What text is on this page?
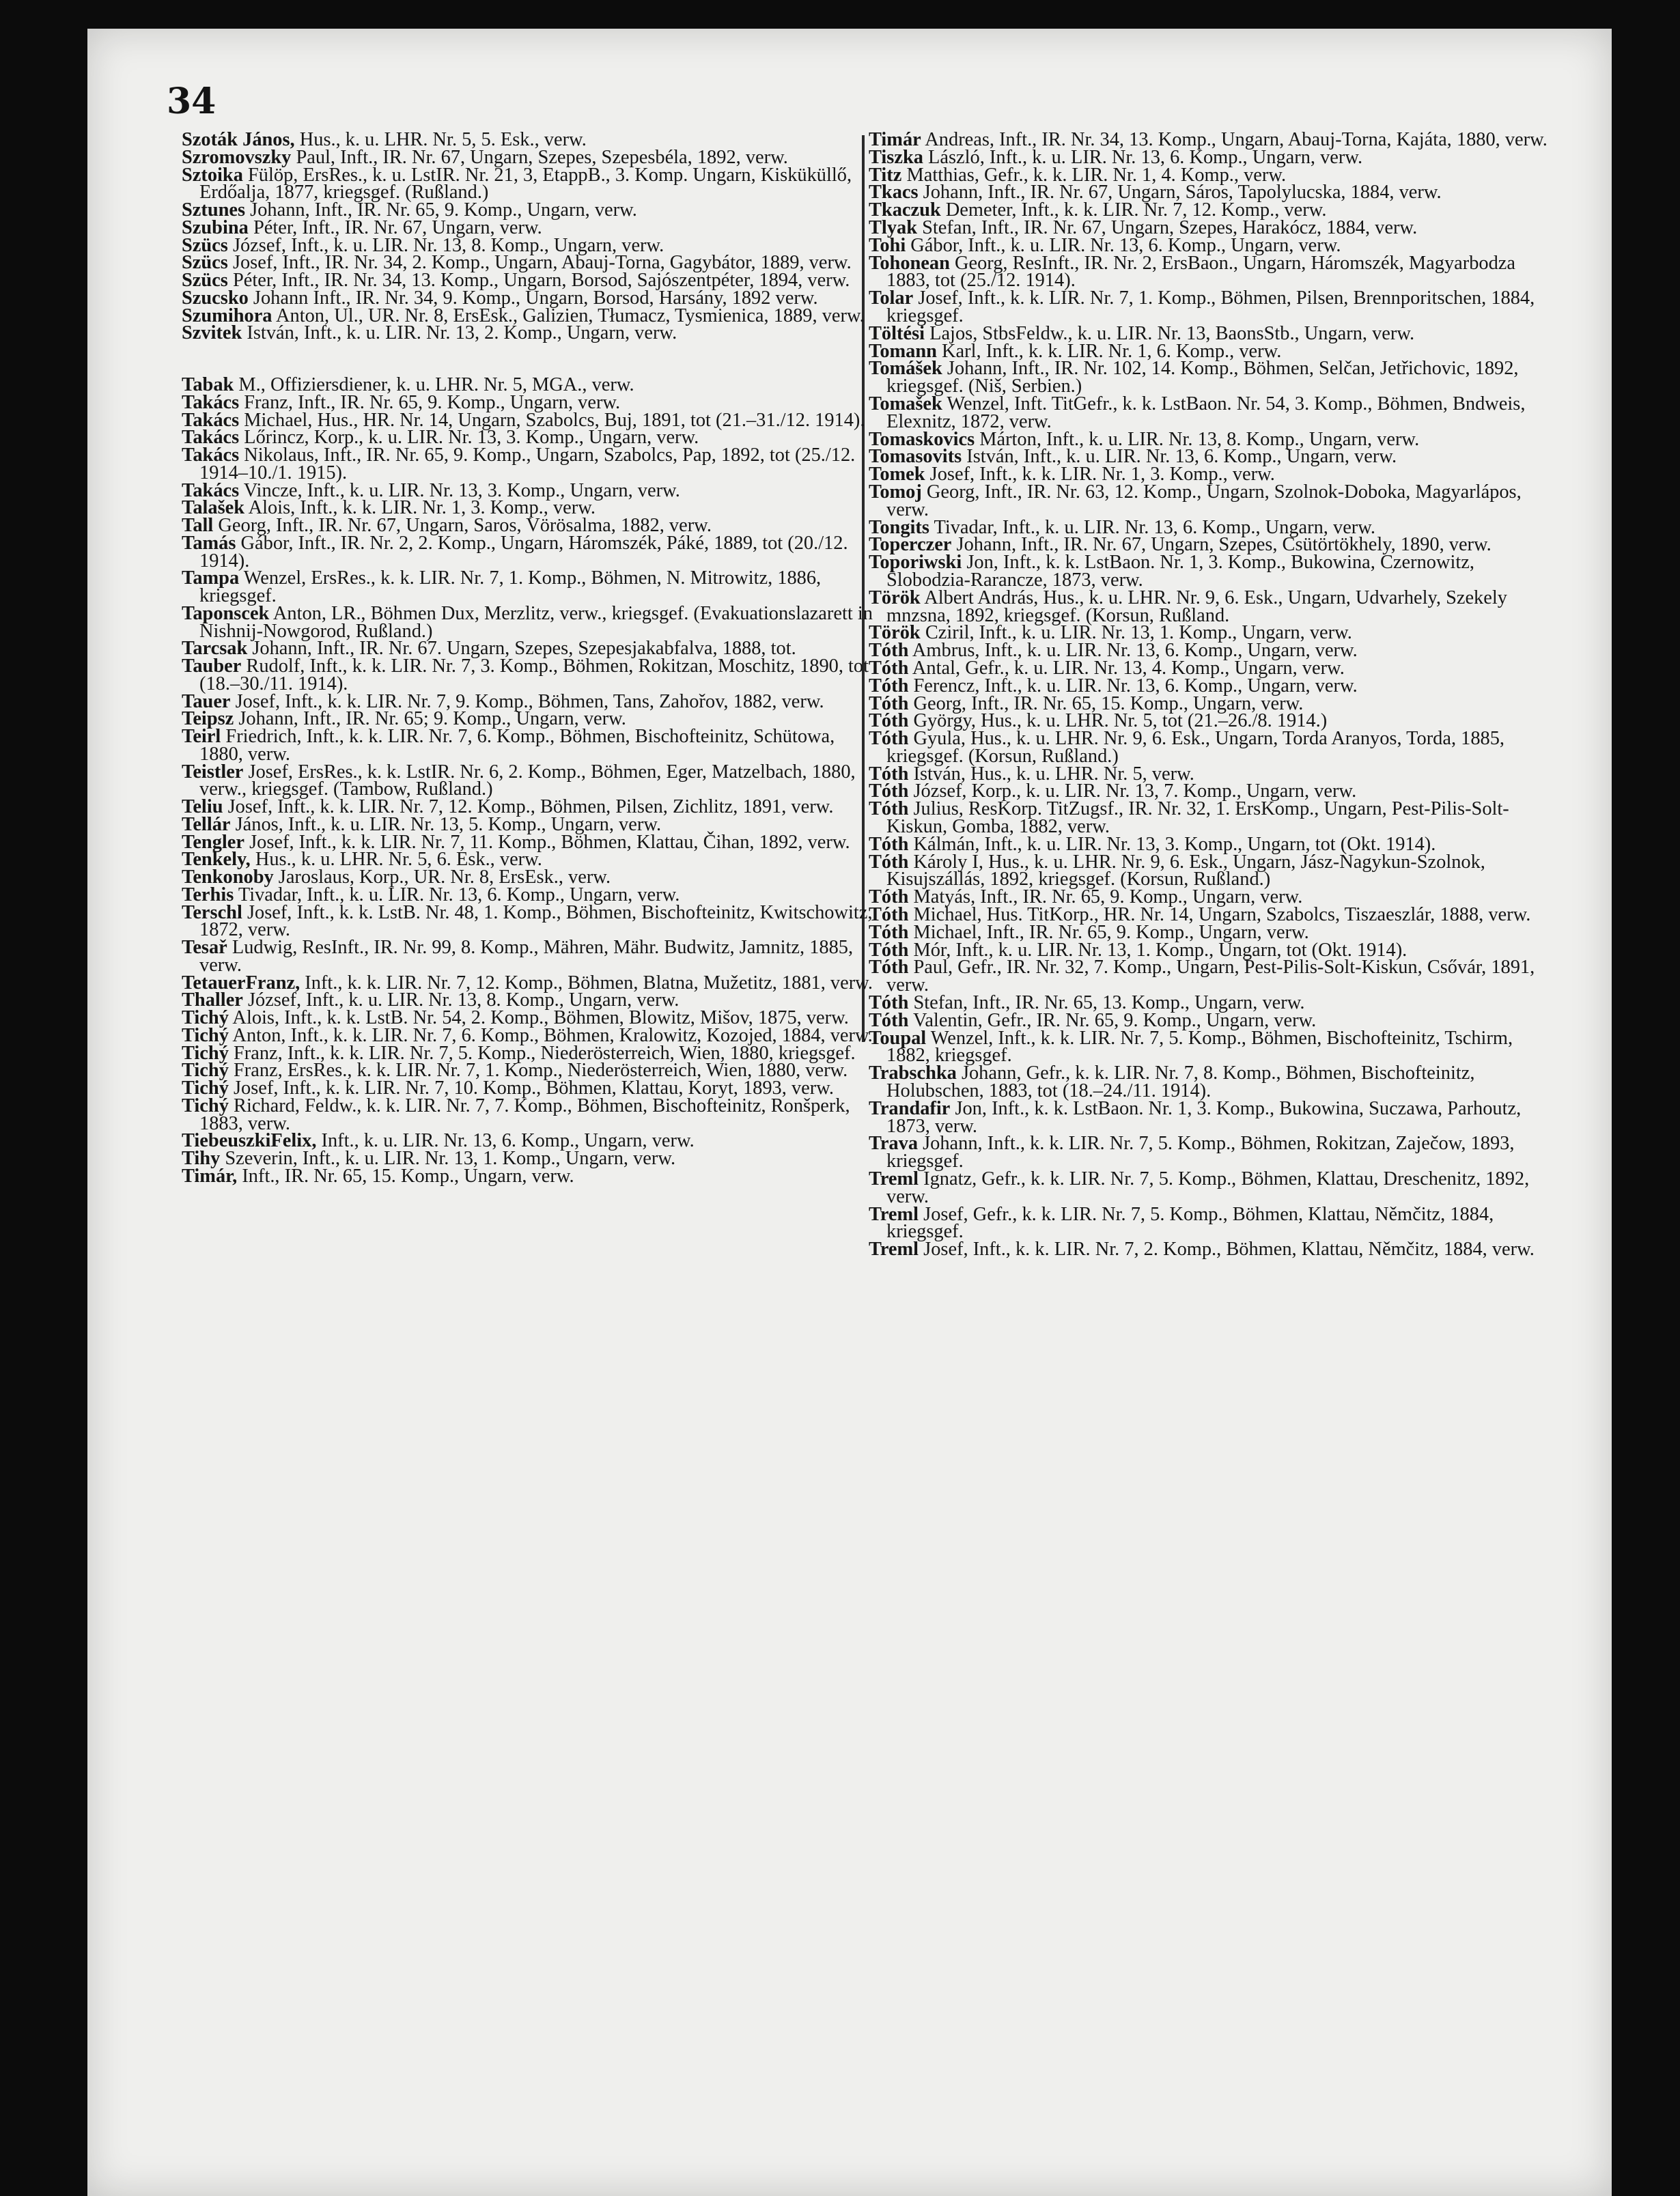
34
Szoták János, Hus., k. u. LHR. Nr. 5, 5. Esk., verw.
Szromovszky Paul, Inft., IR. Nr. 67, Ungarn, Szepes, Szepesbéla, 1892, verw.
Sztoika Fülöp, ErsRes., k. u. LstIR. Nr. 21, 3, EtappB., 3. Komp. Ungarn, Kisküküllő, Erdőalja, 1877, kriegsgef. (Rußland.)
Sztunes Johann, Inft., IR. Nr. 65, 9. Komp., Ungarn, verw.
Szubina Péter, Inft., IR. Nr. 67, Ungarn, verw.
Szücs József, Inft., k. u. LIR. Nr. 13, 8. Komp., Ungarn, verw.
Szücs Josef, Inft., IR. Nr. 34, 2. Komp., Ungarn, Abauj-Torna, Gagybátor, 1889, verw.
Szücs Péter, Inft., IR. Nr. 34, 13. Komp., Ungarn, Borsod, Sajószentpéter, 1894, verw.
Szucsko Johann Inft., IR. Nr. 34, 9. Komp., Ungarn, Borsod, Harsány, 1892 verw.
Szumihora Anton, Ul., UR. Nr. 8, ErsEsk., Galizien, Tłumacz, Tysmienica, 1889, verw.
Szvitek István, Inft., k. u. LIR. Nr. 13, 2. Komp., Ungarn, verw.
Tabak M., Offiziersdiener, k. u. LHR. Nr. 5, MGA., verw.
Takács Franz, Inft., IR. Nr. 65, 9. Komp., Ungarn, verw.
Takács Michael, Hus., HR. Nr. 14, Ungarn, Szabolcs, Buj, 1891, tot (21.–31./12. 1914).
Takács Lőrincz, Korp., k. u. LIR. Nr. 13, 3. Komp., Ungarn, verw.
Takács Nikolaus, Inft., IR. Nr. 65, 9. Komp., Ungarn, Szabolcs, Pap, 1892, tot (25./12. 1914–10./1. 1915).
Takács Vincze, Inft., k. u. LIR. Nr. 13, 3. Komp., Ungarn, verw.
Talašek Alois, Inft., k. k. LIR. Nr. 1, 3. Komp., verw.
Tall Georg, Inft., IR. Nr. 67, Ungarn, Saros, Vörösalma, 1882, verw.
Tamás Gábor, Inft., IR. Nr. 2, 2. Komp., Ungarn, Háromszék, Páké, 1889, tot (20./12. 1914).
Tampa Wenzel, ErsRes., k. k. LIR. Nr. 7, 1. Komp., Böhmen, N. Mitrowitz, 1886, kriegsgef.
Taponscek Anton, LR., Böhmen Dux, Merzlitz, verw., kriegsgef. (Evakuationslazarett in Nishnij-Nowgorod, Rußland.)
Tarcsak Johann, Inft., IR. Nr. 67. Ungarn, Szepes, Szepesjakabfalva, 1888, tot.
Tauber Rudolf, Inft., k. k. LIR. Nr. 7, 3. Komp., Böhmen, Rokitzan, Moschitz, 1890, tot (18.–30./11. 1914).
Tauer Josef, Inft., k. k. LIR. Nr. 7, 9. Komp., Böhmen, Tans, Zahořov, 1882, verw.
Teipsz Johann, Inft., IR. Nr. 65; 9. Komp., Ungarn, verw.
Teirl Friedrich, Inft., k. k. LIR. Nr. 7, 6. Komp., Böhmen, Bischofteinitz, Schütowa, 1880, verw.
Teistler Josef, ErsRes., k. k. LstIR. Nr. 6, 2. Komp., Böhmen, Eger, Matzelbach, 1880, verw., kriegsgef. (Tambow, Rußland.)
Teliu Josef, Inft., k. k. LIR. Nr. 7, 12. Komp., Böhmen, Pilsen, Zichlitz, 1891, verw.
Tellár János, Inft., k. u. LIR. Nr. 13, 5. Komp., Ungarn, verw.
Tengler Josef, Inft., k. k. LIR. Nr. 7, 11. Komp., Böhmen, Klattau, Čihan, 1892, verw.
Tenkely, Hus., k. u. LHR. Nr. 5, 6. Esk., verw.
Tenkonoby Jaroslaus, Korp., UR. Nr. 8, ErsEsk., verw.
Terhis Tivadar, Inft., k. u. LIR. Nr. 13, 6. Komp., Ungarn, verw.
Terschl Josef, Inft., k. k. LstB. Nr. 48, 1. Komp., Böhmen, Bischofteinitz, Kwitschowitz, 1872, verw.
Tesař Ludwig, ResInft., IR. Nr. 99, 8. Komp., Mähren, Mähr. Budwitz, Jamnitz, 1885, verw.
TetauerFranz, Inft., k. k. LIR. Nr. 7, 12. Komp., Böhmen, Blatna, Mužetitz, 1881, verw.
Thaller József, Inft., k. u. LIR. Nr. 13, 8. Komp., Ungarn, verw.
Tichý Alois, Inft., k. k. LstB. Nr. 54, 2. Komp., Böhmen, Blowitz, Mišov, 1875, verw.
Tichý Anton, Inft., k. k. LIR. Nr. 7, 6. Komp., Böhmen, Kralowitz, Kozojed, 1884, verw.
Tichý Franz, Inft., k. k. LIR. Nr. 7, 5. Komp., Niederösterreich, Wien, 1880, kriegsgef.
Tichý Franz, ErsRes., k. k. LIR. Nr. 7, 1. Komp., Niederösterreich, Wien, 1880, verw.
Tichý Josef, Inft., k. k. LIR. Nr. 7, 10. Komp., Böhmen, Klattau, Koryt, 1893, verw.
Tichý Richard, Feldw., k. k. LIR. Nr. 7, 7. Komp., Böhmen, Bischofteinitz, Ronšperk, 1883, verw.
TiebeuszkiFelix, Inft., k. u. LIR. Nr. 13, 6. Komp., Ungarn, verw.
Tihy Szeverin, Inft., k. u. LIR. Nr. 13, 1. Komp., Ungarn, verw.
Timár, Inft., IR. Nr. 65, 15. Komp., Ungarn, verw.
Timár Andreas, Inft., IR. Nr. 34, 13. Komp., Ungarn, Abauj-Torna, Kajáta, 1880, verw.
Tiszka László, Inft., k. u. LIR. Nr. 13, 6. Komp., Ungarn, verw.
Titz Matthias, Gefr., k. k. LIR. Nr. 1, 4. Komp., verw.
Tkacs Johann, Inft., IR. Nr. 67, Ungarn, Sáros, Tapolylucska, 1884, verw.
Tkaczuk Demeter, Inft., k. k. LIR. Nr. 7, 12. Komp., verw.
Tlyak Stefan, Inft., IR. Nr. 67, Ungarn, Szepes, Harakócz, 1884, verw.
Tohi Gábor, Inft., k. u. LIR. Nr. 13, 6. Komp., Ungarn, verw.
Tohonean Georg, ResInft., IR. Nr. 2, ErsBaon., Ungarn, Háromszék, Magyarbodza 1883, tot (25./12. 1914).
Tolar Josef, Inft., k. k. LIR. Nr. 7, 1. Komp., Böhmen, Pilsen, Brennporitschen, 1884, kriegsgef.
Töltési Lajos, StbsFeldw., k. u. LIR. Nr. 13, BaonsStb., Ungarn, verw.
Tomann Karl, Inft., k. k. LIR. Nr. 1, 6. Komp., verw.
Tomášek Johann, Inft., IR. Nr. 102, 14. Komp., Böhmen, Selčan, Jetřichovic, 1892, kriegsgef. (Niš, Serbien.)
Tomašek Wenzel, Inft. TitGefr., k. k. LstBaon. Nr. 54, 3. Komp., Böhmen, Bndweis, Elexnitz, 1872, verw.
Tomaskovics Márton, Inft., k. u. LIR. Nr. 13, 8. Komp., Ungarn, verw.
Tomasovits István, Inft., k. u. LIR. Nr. 13, 6. Komp., Ungarn, verw.
Tomek Josef, Inft., k. k. LIR. Nr. 1, 3. Komp., verw.
Tomoj Georg, Inft., IR. Nr. 63, 12. Komp., Ungarn, Szolnok-Doboka, Magyarlápos, verw.
Tongits Tivadar, Inft., k. u. LIR. Nr. 13, 6. Komp., Ungarn, verw.
Toperczer Johann, Inft., IR. Nr. 67, Ungarn, Szepes, Csütörtökhely, 1890, verw.
Toporiwski Jon, Inft., k. k. LstBaon. Nr. 1, 3. Komp., Bukowina, Czernowitz, Slobodzia-Rarancze, 1873, verw.
Török Albert András, Hus., k. u. LHR. Nr. 9, 6. Esk., Ungarn, Udvarhely, Szekely mnzsna, 1892, kriegsgef. (Korsun, Rußland.
Török Cziril, Inft., k. u. LIR. Nr. 13, 1. Komp., Ungarn, verw.
Tóth Ambrus, Inft., k. u. LIR. Nr. 13, 6. Komp., Ungarn, verw.
Tóth Antal, Gefr., k. u. LIR. Nr. 13, 4. Komp., Ungarn, verw.
Tóth Ferencz, Inft., k. u. LIR. Nr. 13, 6. Komp., Ungarn, verw.
Tóth Georg, Inft., IR. Nr. 65, 15. Komp., Ungarn, verw.
Tóth György, Hus., k. u. LHR. Nr. 5, tot (21.–26./8. 1914.)
Tóth Gyula, Hus., k. u. LHR. Nr. 9, 6. Esk., Ungarn, Torda Aranyos, Torda, 1885, kriegsgef. (Korsun, Rußland.)
Tóth István, Hus., k. u. LHR. Nr. 5, verw.
Tóth József, Korp., k. u. LIR. Nr. 13, 7. Komp., Ungarn, verw.
Tóth Julius, ResKorp. TitZugsf., IR. Nr. 32, 1. ErsKomp., Ungarn, Pest-Pilis-Solt-Kiskun, Gomba, 1882, verw.
Tóth Kálmán, Inft., k. u. LIR. Nr. 13, 3. Komp., Ungarn, tot (Okt. 1914).
Tóth Károly I, Hus., k. u. LHR. Nr. 9, 6. Esk., Ungarn, Jász-Nagykun-Szolnok, Kisujszállás, 1892, kriegsgef. (Korsun, Rußland.)
Tóth Matyás, Inft., IR. Nr. 65, 9. Komp., Ungarn, verw.
Tóth Michael, Hus. TitKorp., HR. Nr. 14, Ungarn, Szabolcs, Tiszaeszlár, 1888, verw.
Tóth Michael, Inft., IR. Nr. 65, 9. Komp., Ungarn, verw.
Tóth Mór, Inft., k. u. LIR. Nr. 13, 1. Komp., Ungarn, tot (Okt. 1914).
Tóth Paul, Gefr., IR. Nr. 32, 7. Komp., Ungarn, Pest-Pilis-Solt-Kiskun, Csővár, 1891, verw.
Tóth Stefan, Inft., IR. Nr. 65, 13. Komp., Ungarn, verw.
Tóth Valentin, Gefr., IR. Nr. 65, 9. Komp., Ungarn, verw.
Toupal Wenzel, Inft., k. k. LIR. Nr. 7, 5. Komp., Böhmen, Bischofteinitz, Tschirm, 1882, kriegsgef.
Trabschka Johann, Gefr., k. k. LIR. Nr. 7, 8. Komp., Böhmen, Bischofteinitz, Holubschen, 1883, tot (18.–24./11. 1914).
Trandafir Jon, Inft., k. k. LstBaon. Nr. 1, 3. Komp., Bukowina, Suczawa, Parhoutz, 1873, verw.
Trava Johann, Inft., k. k. LIR. Nr. 7, 5. Komp., Böhmen, Rokitzan, Zaječow, 1893, kriegsgef.
Treml Ignatz, Gefr., k. k. LIR. Nr. 7, 5. Komp., Böhmen, Klattau, Dreschenitz, 1892, verw.
Treml Josef, Gefr., k. k. LIR. Nr. 7, 5. Komp., Böhmen, Klattau, Němčitz, 1884, kriegsgef.
Treml Josef, Inft., k. k. LIR. Nr. 7, 2. Komp., Böhmen, Klattau, Němčitz, 1884, verw.
